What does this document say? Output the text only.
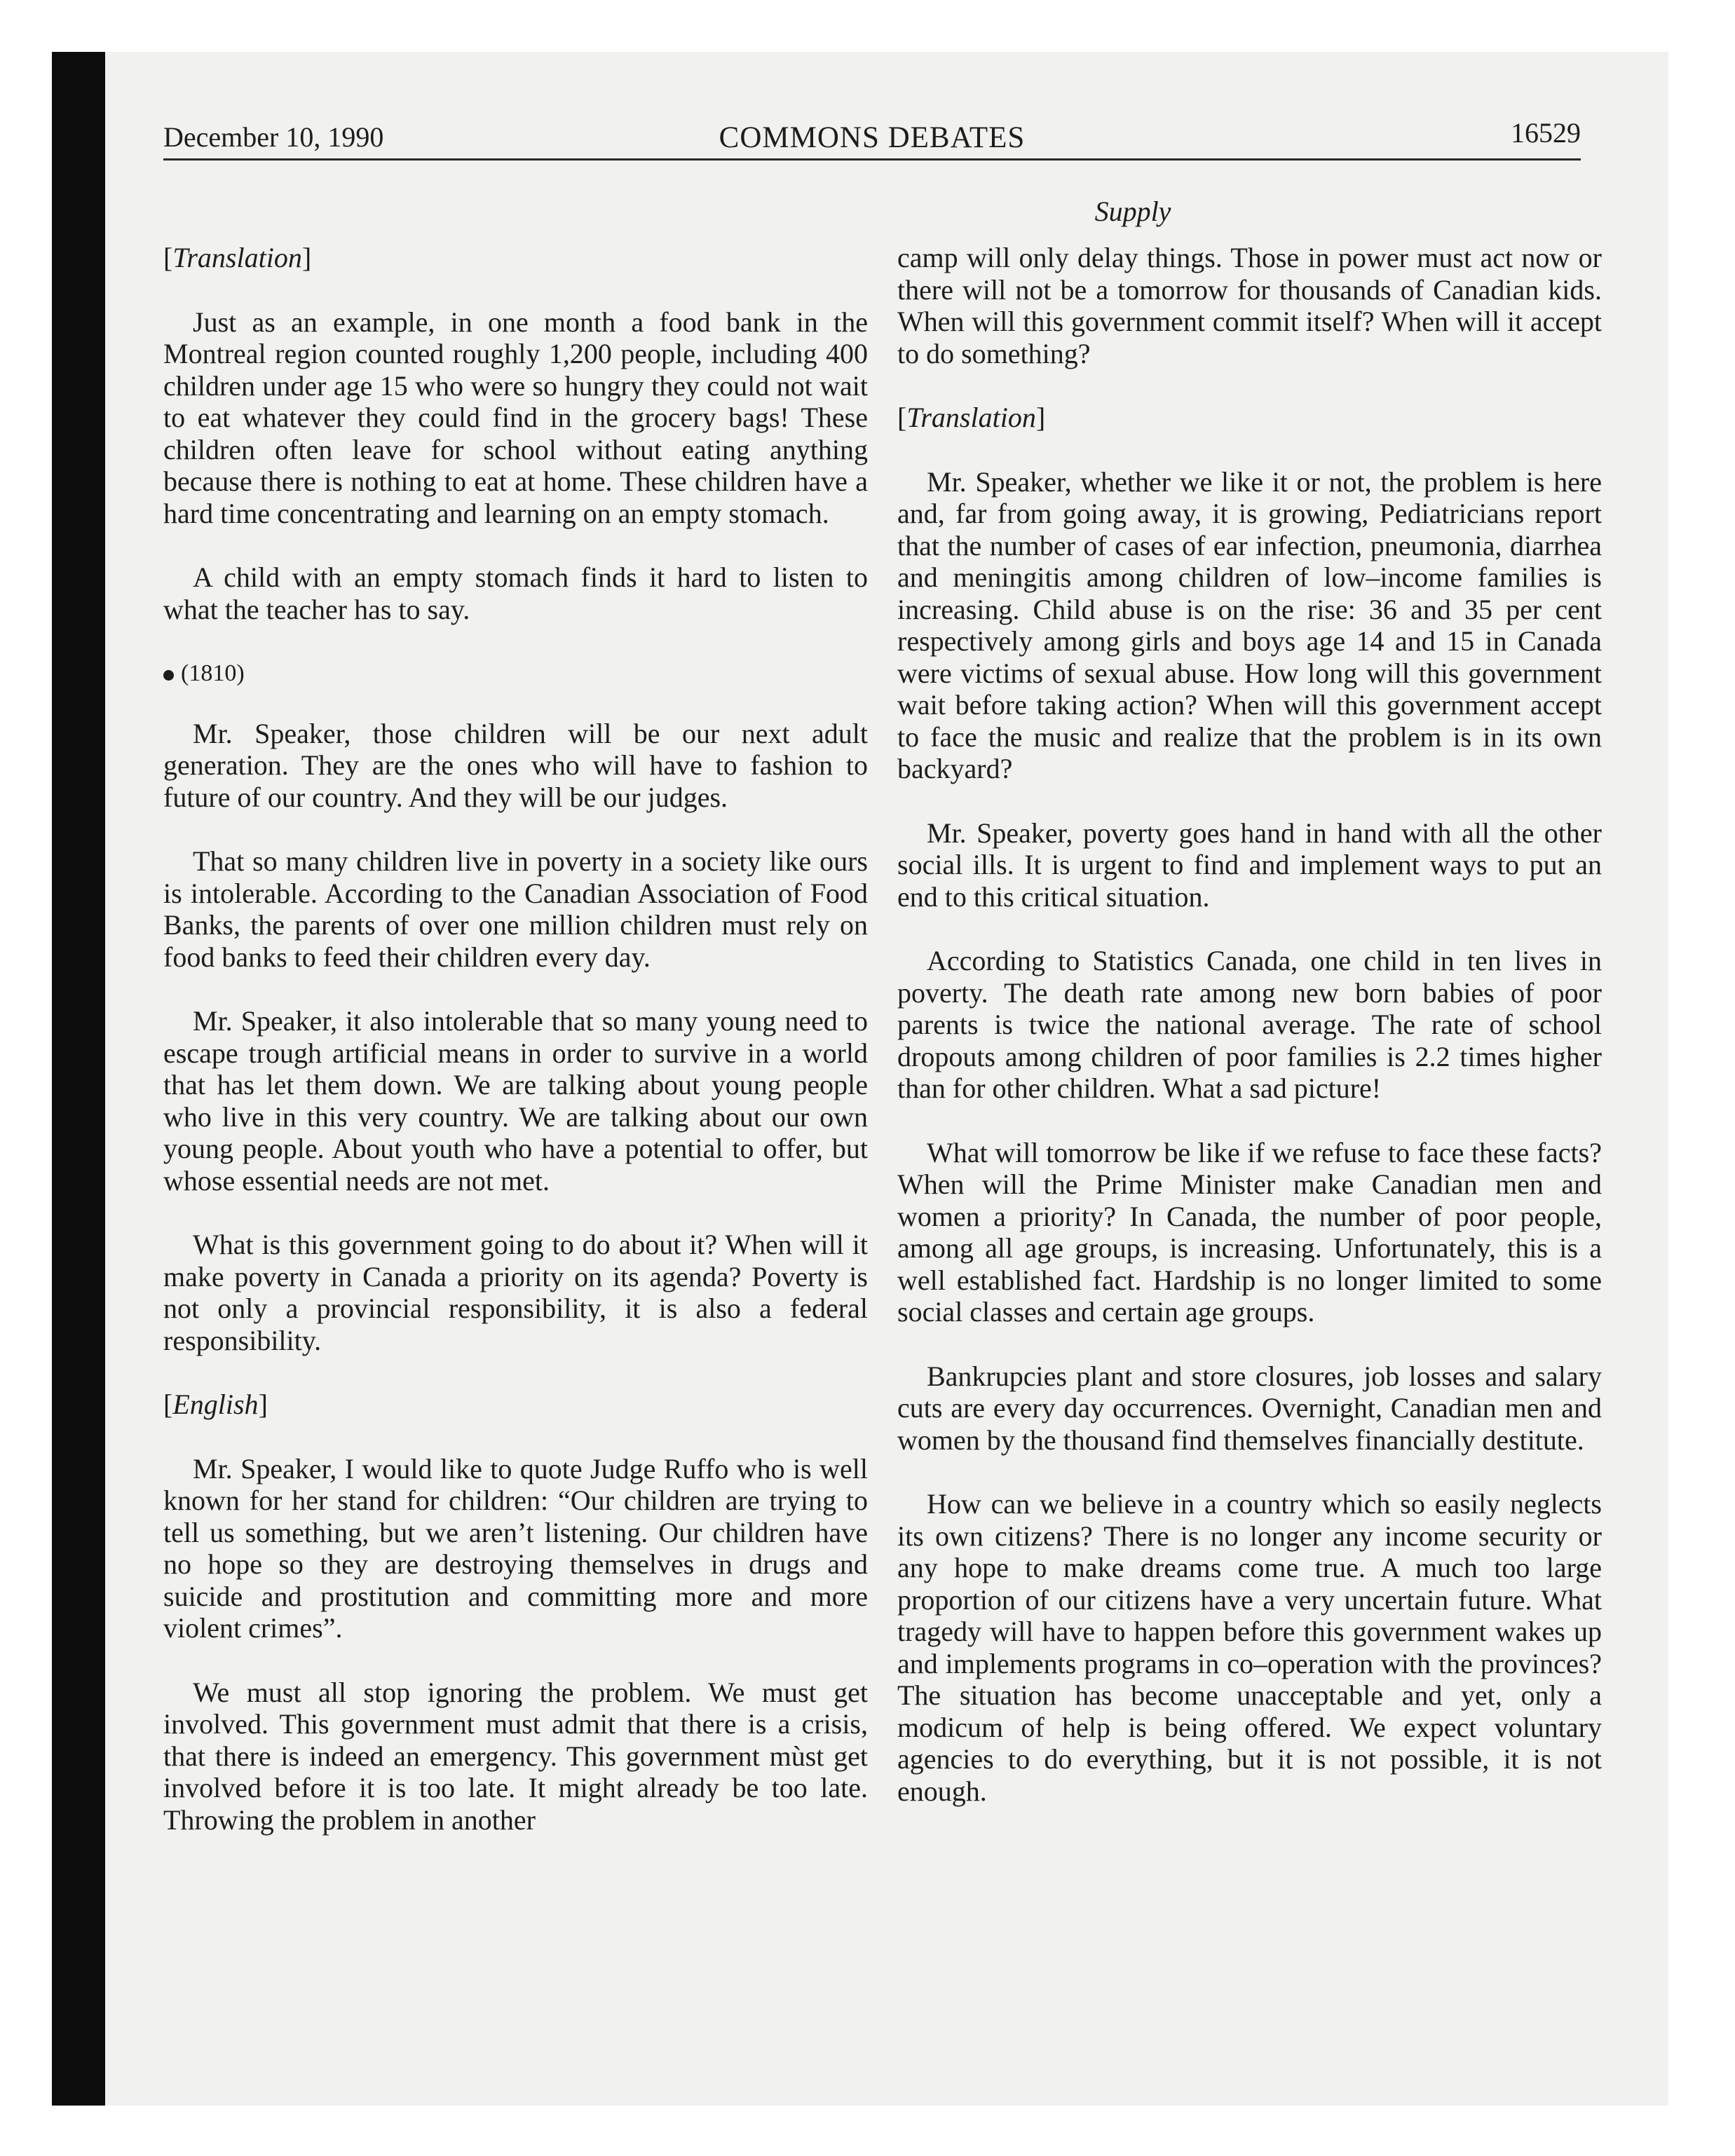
December 10, 1990	COMMONS DEBATES	16529
Supply

[Translation]

Just as an example, in one month a food bank in the Montreal region counted roughly 1,200 people, including 400 children under age 15 who were so hungry they could not wait to eat whatever they could find in the grocery bags! These children often leave for school without eating anything because there is nothing to eat at home. These children have a hard time concentrating and learning on an empty stomach.

A child with an empty stomach finds it hard to listen to what the teacher has to say.

(1810)

Mr. Speaker, those children will be our next adult generation. They are the ones who will have to fashion to future of our country. And they will be our judges.

That so many children live in poverty in a society like ours is intolerable. According to the Canadian Association of Food Banks, the parents of over one million children must rely on food banks to feed their children every day.

Mr. Speaker, it also intolerable that so many young need to escape trough artificial means in order to survive in a world that has let them down. We are talking about young people who live in this very country. We are talking about our own young people. About youth who have a potential to offer, but whose essential needs are not met.

What is this government going to do about it? When will it make poverty in Canada a priority on its agenda? Poverty is not only a provincial responsibility, it is also a federal responsibility.

[English]

Mr. Speaker, I would like to quote Judge Ruffo who is well known for her stand for children: “Our children are trying to tell us something, but we aren’t listening. Our children have no hope so they are destroying themselves in drugs and suicide and prostitution and committing more and more violent crimes”.

We must all stop ignoring the problem. We must get involved. This government must admit that there is a crisis, that there is indeed an emergency. This government mùst get involved before it is too late. It might already be too late. Throwing the problem in another

camp will only delay things. Those in power must act now or there will not be a tomorrow for thousands of Canadian kids. When will this government commit itself? When will it accept to do something?

[Translation]

Mr. Speaker, whether we like it or not, the problem is here and, far from going away, it is growing, Pediatricians report that the number of cases of ear infection, pneumonia, diarrhea and meningitis among children of low–income families is increasing. Child abuse is on the rise: 36 and 35 per cent respectively among girls and boys age 14 and 15 in Canada were victims of sexual abuse. How long will this government wait before taking action? When will this government accept to face the music and realize that the problem is in its own backyard?

Mr. Speaker, poverty goes hand in hand with all the other social ills. It is urgent to find and implement ways to put an end to this critical situation.

According to Statistics Canada, one child in ten lives in poverty. The death rate among new born babies of poor parents is twice the national average. The rate of school dropouts among children of poor families is 2.2 times higher than for other children. What a sad picture!

What will tomorrow be like if we refuse to face these facts? When will the Prime Minister make Canadian men and women a priority? In Canada, the number of poor people, among all age groups, is increasing. Unfortunately, this is a well established fact. Hardship is no longer limited to some social classes and certain age groups.

Bankrupcies plant and store closures, job losses and salary cuts are every day occurrences. Overnight, Canadian men and women by the thousand find themselves financially destitute.

How can we believe in a country which so easily neglects its own citizens? There is no longer any income security or any hope to make dreams come true. A much too large proportion of our citizens have a very uncertain future. What tragedy will have to happen before this government wakes up and implements programs in co–operation with the provinces? The situation has become unacceptable and yet, only a modicum of help is being offered. We expect voluntary agencies to do everything, but it is not possible, it is not enough.
